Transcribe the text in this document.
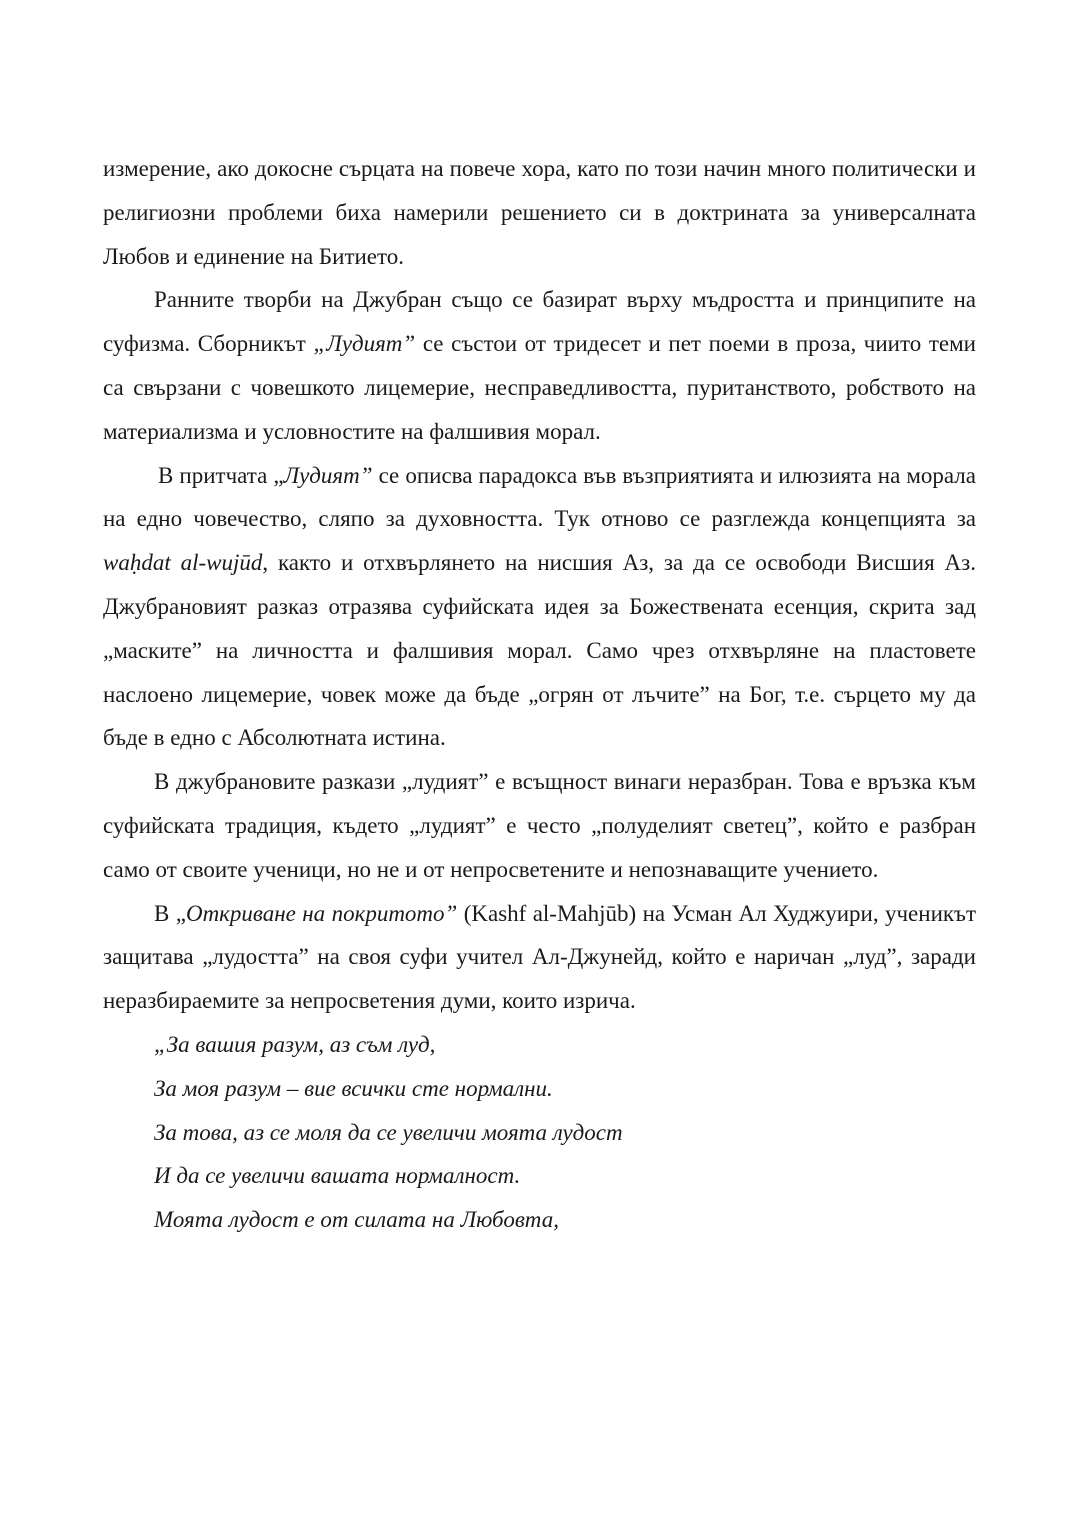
измерение, ако докосне сърцата на повече хора, като по този начин много политически и религиозни проблеми биха намерили решението си в доктрината за универсалната Любов и единение на Битието.

Ранните творби на Джубран също се базират върху мъдростта и принципите на суфизма. Сборникът „Лудият” се състои от тридесет и пет поеми в проза, чиито теми са свързани с човешкото лицемерие, несправедливостта, пуританството, робството на материализма и условностите на фалшивия морал.

В притчата „Лудият” се описва парадокса във възприятията и илюзията на морала на едно човечество, сляпо за духовността. Тук отново се разглежда концепцията за waḥdat al-wujūd, както и отхвърлянето на нисшия Аз, за да се освободи Висшия Аз. Джубрановият разказ отразява суфийската идея за Божествената есенция, скрита зад „маските” на личността и фалшивия морал. Само чрез отхвърляне на пластовете наслоено лицемерие, човек може да бъде „огрян от лъчите” на Бог, т.е. сърцето му да бъде в едно с Абсолютната истина.

В джубрановите разкази „лудият” е всъщност винаги неразбран. Това е връзка към суфийската традиция, където „лудият” е често „полуделият светец”, който е разбран само от своите ученици, но не и от непросветените и непознаващите учението.

В „Откриване на покритото” (Kashf al-Mahjūb) на Усман Ал Худжуири, ученикът защитава „лудостта” на своя суфи учител Ал-Джунейд, който е наричан „луд”, заради неразбираемите за непросветения думи, които изрича.

„За вашия разум, аз съм луд,

За моя разум – вие всички сте нормални.

За това, аз се моля да се увеличи моята лудост

И да се увеличи вашата нормалност.

Моята лудост е от силата на Любовта,
